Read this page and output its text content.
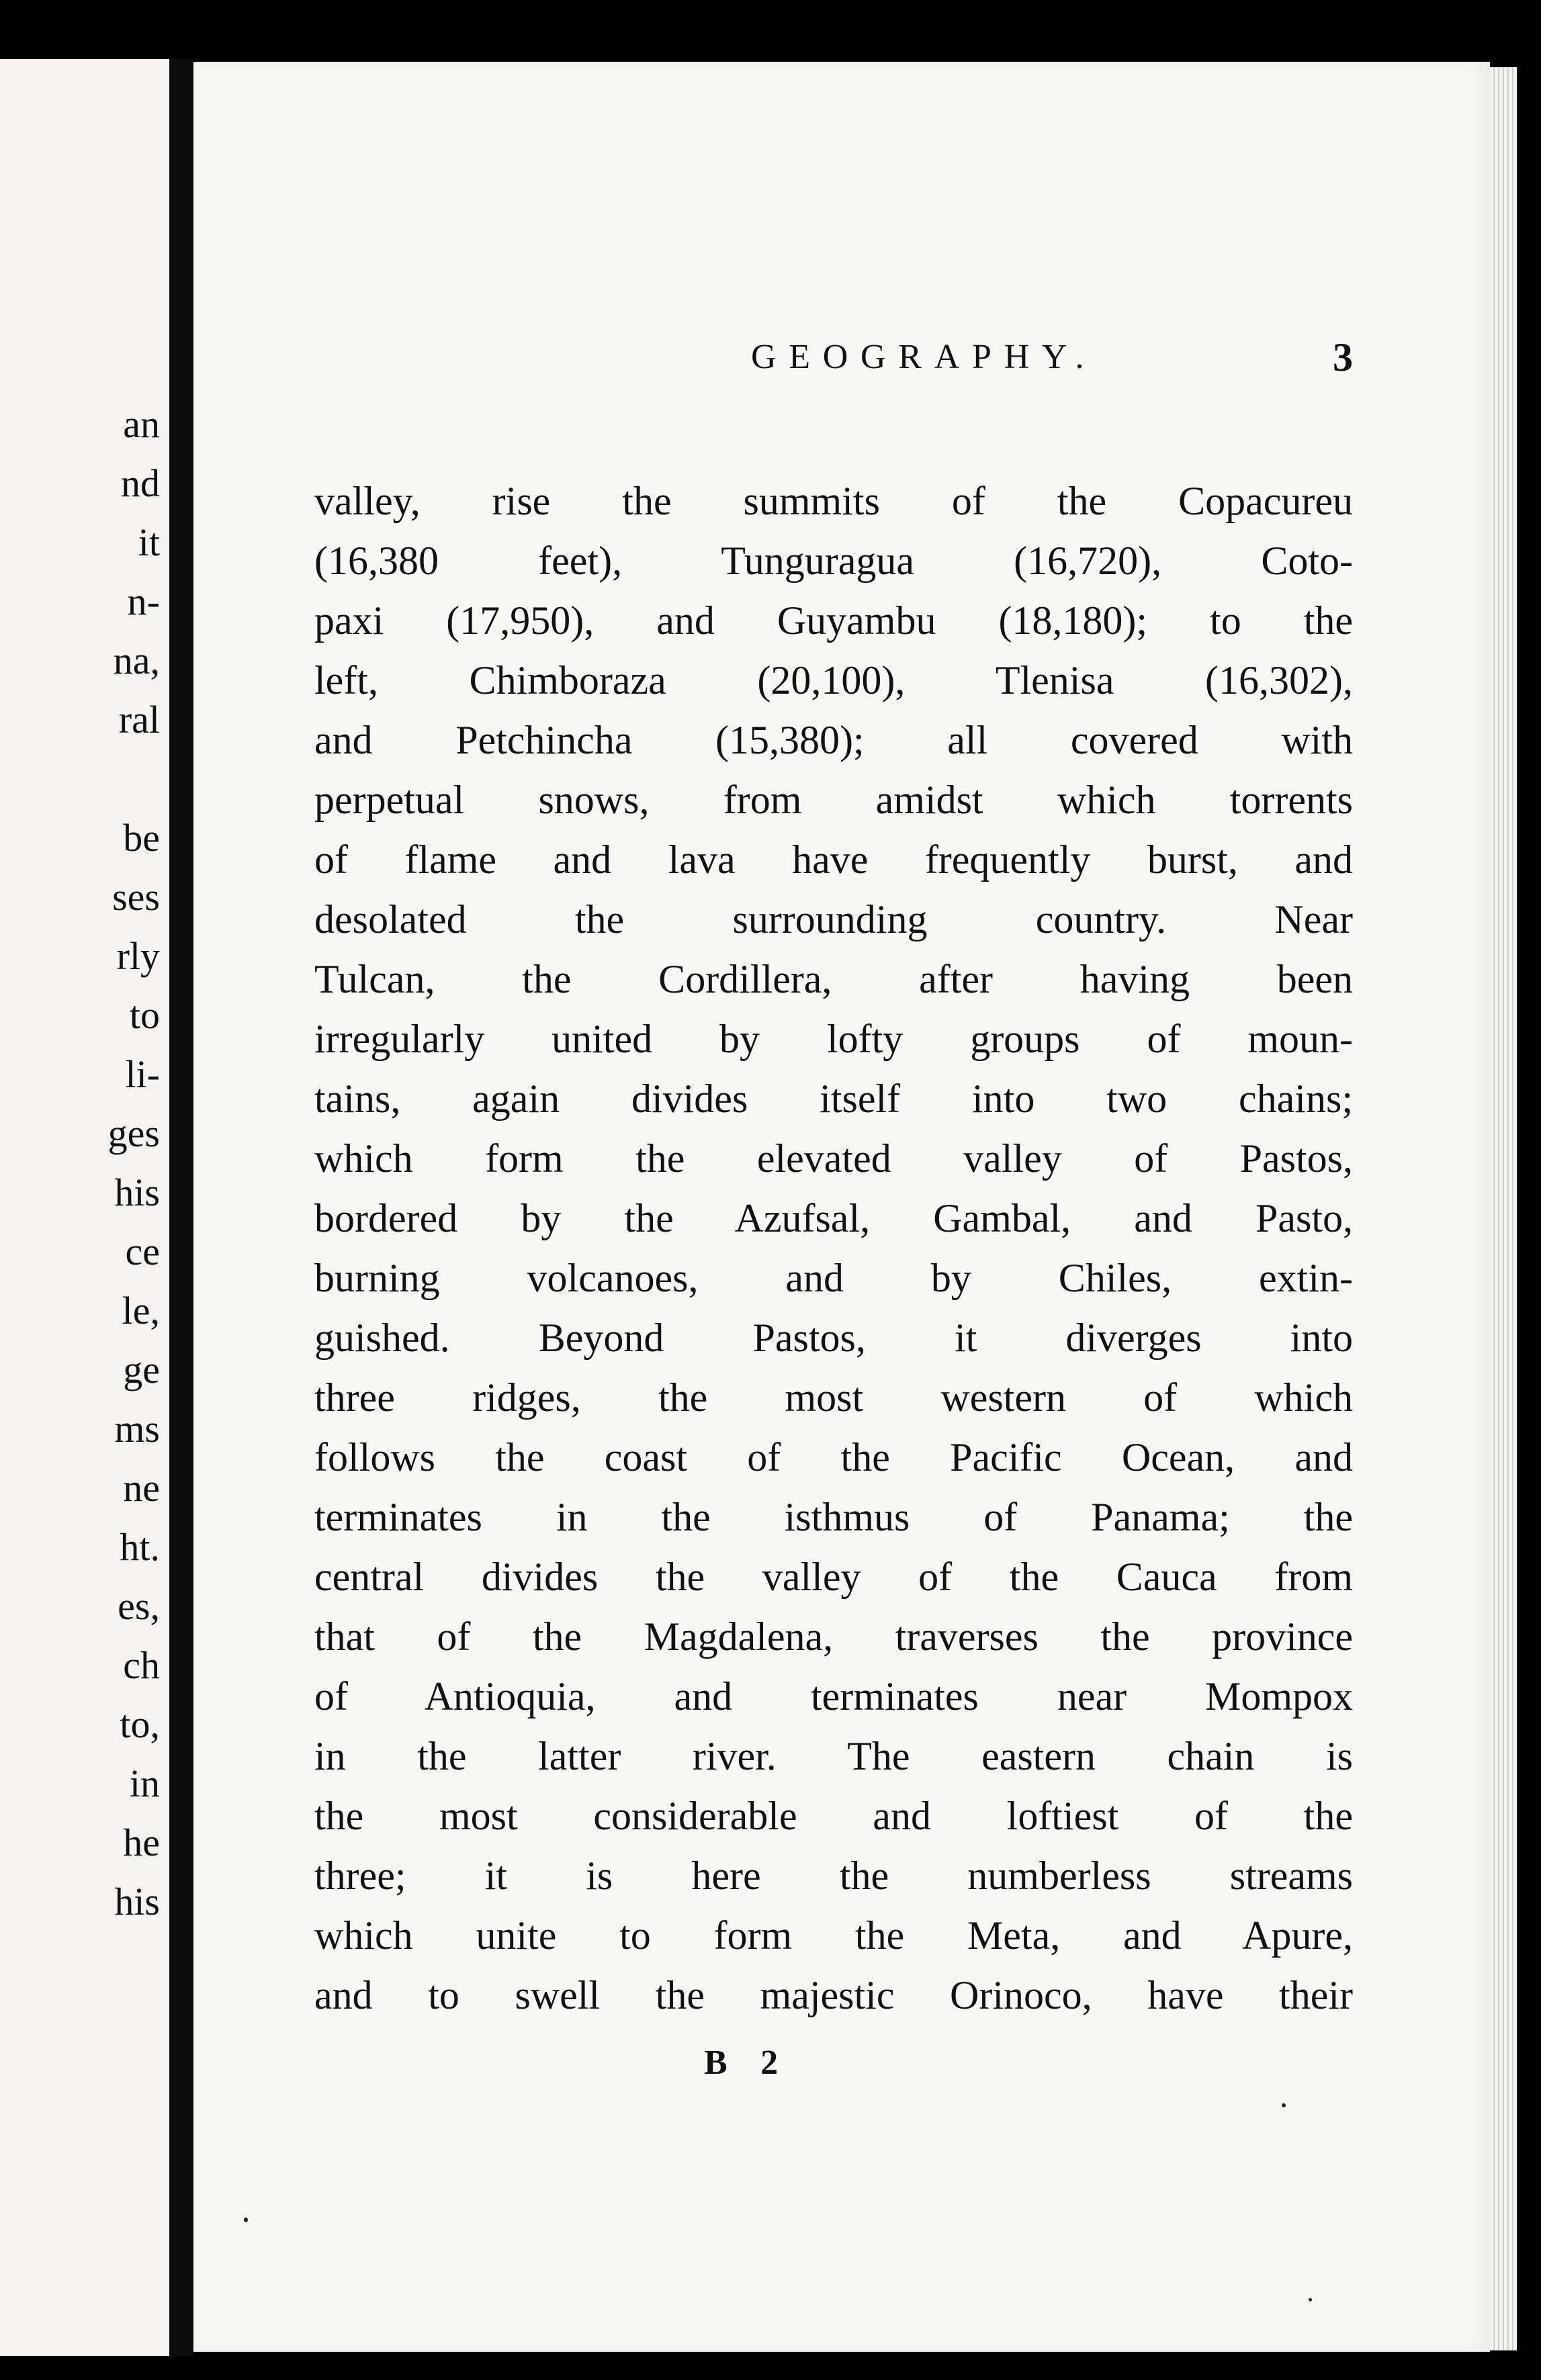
an
nd
it
n-
na,
ral
be
ses
rly
to
li-
ges
his
ce
le,
ge
ms
ne
ht.
es,
ch
to,
in
he
his
GEOGRAPHY.	3
valley, rise the summits of the Copacureu
(16,380 feet), Tunguragua (16,720), Coto-
paxi (17,950), and Guyambu (18,180); to the
left, Chimboraza (20,100), Tlenisa (16,302),
and Petchincha (15,380); all covered with
perpetual snows, from amidst which torrents
of flame and lava have frequently burst, and
desolated the surrounding country. Near
Tulcan, the Cordillera, after having been
irregularly united by lofty groups of moun-
tains, again divides itself into two chains;
which form the elevated valley of Pastos,
bordered by the Azufsal, Gambal, and Pasto,
burning volcanoes, and by Chiles, extin-
guished. Beyond Pastos, it diverges into
three ridges, the most western of which
follows the coast of the Pacific Ocean, and
terminates in the isthmus of Panama; the
central divides the valley of the Cauca from
that of the Magdalena, traverses the province
of Antioquia, and terminates near Mompox
in the latter river. The eastern chain is
the most considerable and loftiest of the
three; it is here the numberless streams
which unite to form the Meta, and Apure,
and to swell the majestic Orinoco, have their
B 2
